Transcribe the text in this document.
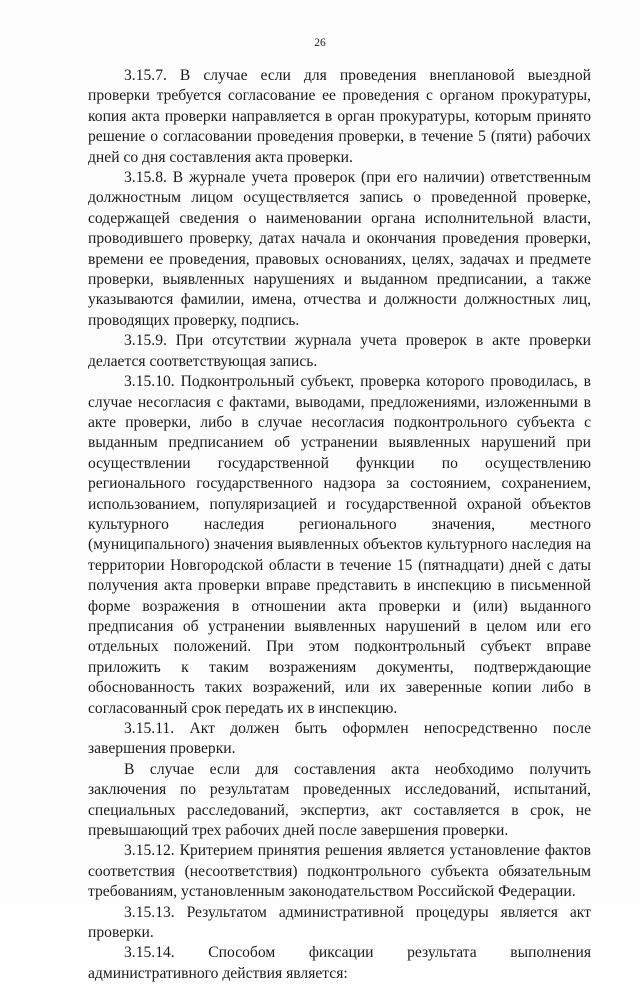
26

3.15.7. В случае если для проведения внеплановой выездной проверки требуется согласование ее проведения с органом прокуратуры, копия акта проверки направляется в орган прокуратуры, которым принято решение о согласовании проведения проверки, в течение 5 (пяти) рабочих дней со дня составления акта проверки.

3.15.8. В журнале учета проверок (при его наличии) ответственным должностным лицом осуществляется запись о проведенной проверке, содержащей сведения о наименовании органа исполнительной власти, проводившего проверку, датах начала и окончания проведения проверки, времени ее проведения, правовых основаниях, целях, задачах и предмете проверки, выявленных нарушениях и выданном предписании, а также указываются фамилии, имена, отчества и должности должностных лиц, проводящих проверку, подпись.

3.15.9. При отсутствии журнала учета проверок в акте проверки делается соответствующая запись.

3.15.10. Подконтрольный субъект, проверка которого проводилась, в случае несогласия с фактами, выводами, предложениями, изложенными в акте проверки, либо в случае несогласия подконтрольного субъекта с выданным предписанием об устранении выявленных нарушений при осуществлении государственной функции по осуществлению регионального государственного надзора за состоянием, сохранением, использованием, популяризацией и государственной охраной объектов культурного наследия регионального значения, местного (муниципального) значения выявленных объектов культурного наследия на территории Новгородской области в течение 15 (пятнадцати) дней с даты получения акта проверки вправе представить в инспекцию в письменной форме возражения в отношении акта проверки и (или) выданного предписания об устранении выявленных нарушений в целом или его отдельных положений. При этом подконтрольный субъект вправе приложить к таким возражениям документы, подтверждающие обоснованность таких возражений, или их заверенные копии либо в согласованный срок передать их в инспекцию.

3.15.11. Акт должен быть оформлен непосредственно после завершения проверки.

В случае если для составления акта необходимо получить заключения по результатам проведенных исследований, испытаний, специальных расследований, экспертиз, акт составляется в срок, не превышающий трех рабочих дней после завершения проверки.

3.15.12. Критерием принятия решения является установление фактов соответствия (несоответствия) подконтрольного субъекта обязательным требованиям, установленным законодательством Российской Федерации.

3.15.13. Результатом административной процедуры является акт проверки.

3.15.14. Способом фиксации результата выполнения административного действия является:
